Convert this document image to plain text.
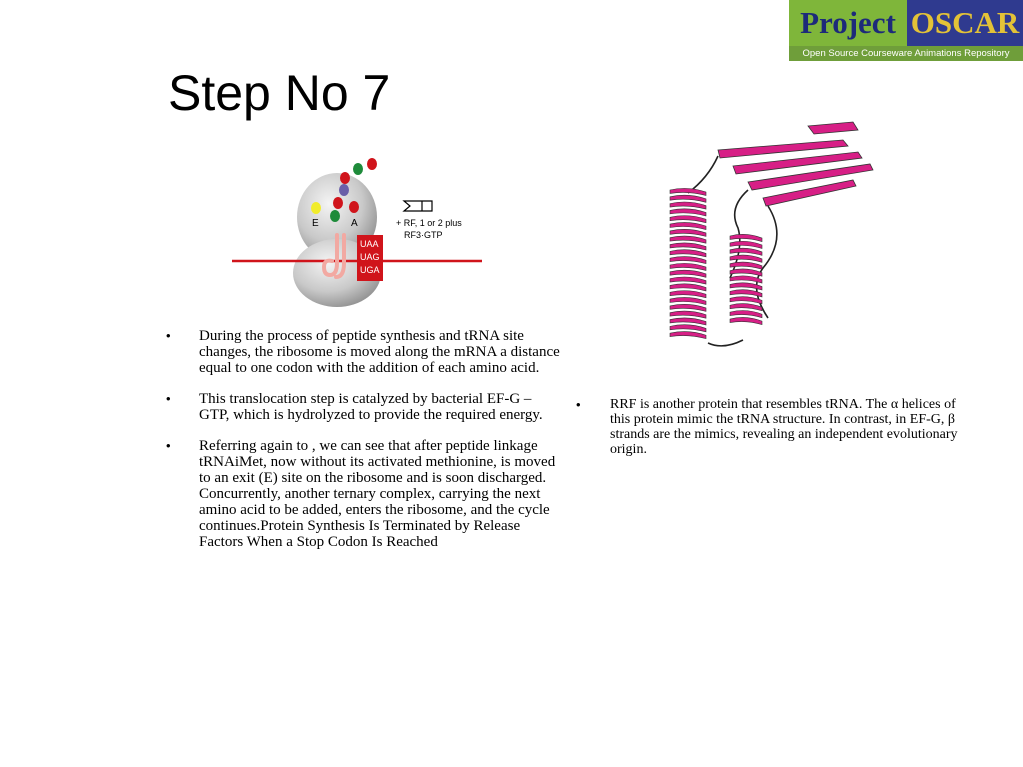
Project OSCAR
Open Source Courseware Animations Repository
Step No 7
UAA
UAG
UGA
E	A	+ RF, 1 or 2 plus
RF3·GTP
• During the process of peptide synthesis and tRNA site changes, the ribosome is moved along the mRNA a distance equal to one codon with the addition of each amino acid.
• This translocation step is catalyzed by bacterial EF-G – GTP, which is hydrolyzed to provide the required energy.
• Referring again to , we can see that after peptide linkage tRNAiMet, now without its activated methionine, is moved to an exit (E) site on the ribosome and is soon discharged. Concurrently, another ternary complex, carrying the next amino acid to be added, enters the ribosome, and the cycle continues.Protein Synthesis Is Terminated by Release Factors When a Stop Codon Is Reached
• RRF is another protein that resembles tRNA. The α helices of this protein mimic the tRNA structure. In contrast, in EF-G, β strands are the mimics, revealing an independent evolutionary origin.
